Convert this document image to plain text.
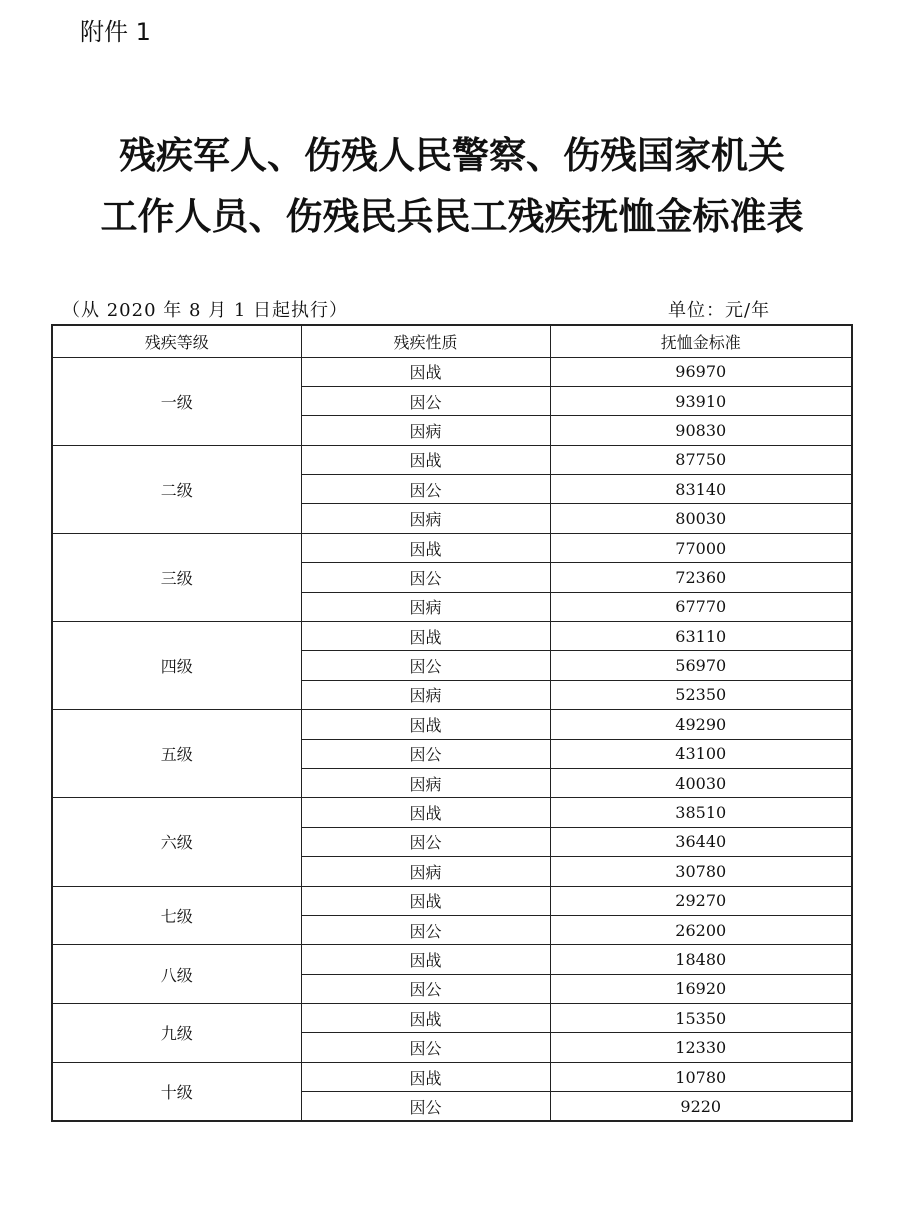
附件 1
残疾军人、伤残人民警察、伤残国家机关
工作人员、伤残民兵民工残疾抚恤金标准表
（从 2020 年 8 月 1 日起执行）	单位：元/年
残疾等级	残疾性质	抚恤金标准
一级	因战	96970
	因公	93910
	因病	90830
二级	因战	87750
	因公	83140
	因病	80030
三级	因战	77000
	因公	72360
	因病	67770
四级	因战	63110
	因公	56970
	因病	52350
五级	因战	49290
	因公	43100
	因病	40030
六级	因战	38510
	因公	36440
	因病	30780
七级	因战	29270
	因公	26200
八级	因战	18480
	因公	16920
九级	因战	15350
	因公	12330
十级	因战	10780
	因公	9220
